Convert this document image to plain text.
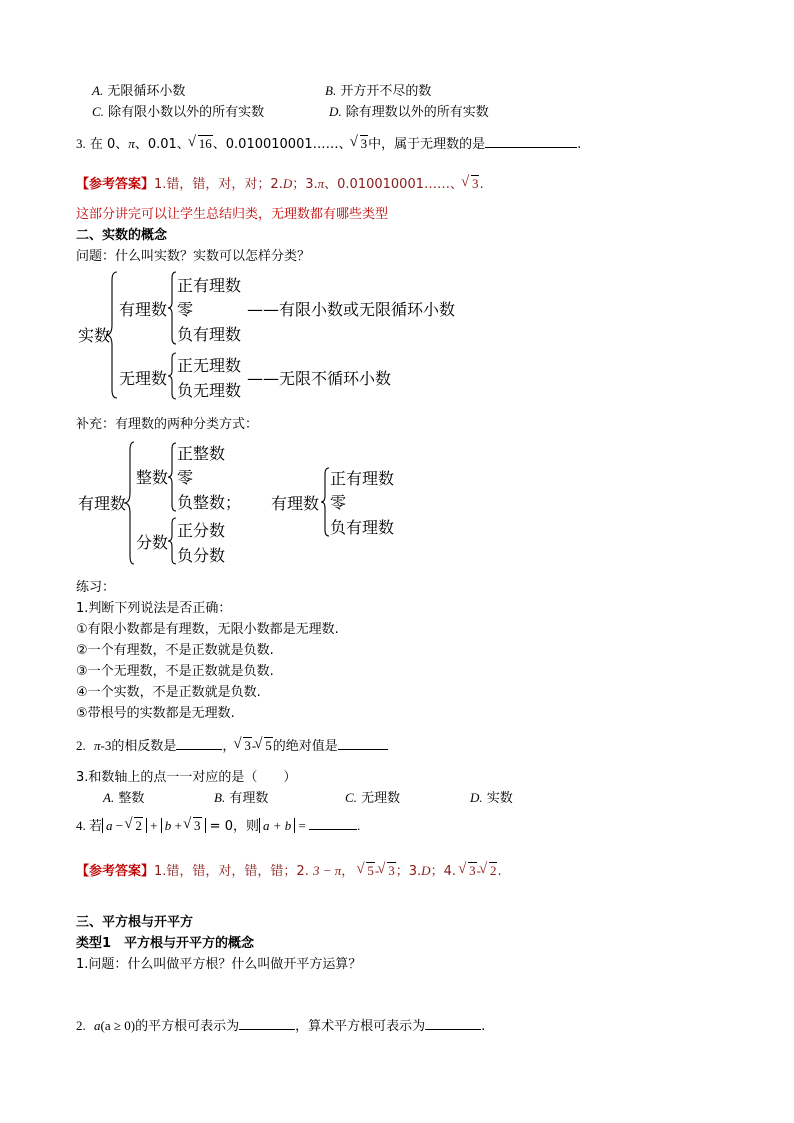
A. 无限循环小数	B. 开方开不尽的数
C. 除有限小数以外的所有实数	D. 除有理数以外的所有实数
3. 在 0、π、0.01、 √ 16、0.010010001……、 √ 3中，属于无理数的是	.
【参考答案】1.错，错，对，对；2.D；3.π、0.010010001……、 √ 3.
这部分讲完可以让学生总结归类，无理数都有哪些类型
二、实数的概念
问题：什么叫实数？实数可以怎样分类？
实数
有理数
正有理数
零
负有理数
——有限小数或无限循环小数
无理数
正无理数
负无理数
——无限不循环小数
补充：有理数的两种分类方式：
有理数
整数
正整数
零
负整数；
分数
正分数
负分数
有理数
正有理数
零
负有理数
练习：
1.判断下列说法是否正确：
①有限小数都是有理数，无限小数都是无理数.
②一个有理数，不是正数就是负数.
③一个无理数，不是正数就是负数.
④一个实数，不是正数就是负数.
⑤带根号的实数都是无理数.
2. π-3的相反数是	， √ 3- √ 5的绝对值是
3.和数轴上的点一一对应的是（　　）
A. 整数	B. 有理数	C. 无理数	D. 实数
4. 若 a − √ 2 + b + √ 3 = 0，则 a + b =	.
【参考答案】1.错，错，对，错，错；2. 3 − π， √ 5- √ 3；3.D；4. √ 3- √ 2.
三、平方根与开平方
类型1　平方根与开平方的概念
1.问题：什么叫做平方根？什么叫做开平方运算？
2. a(a ≥ 0)的平方根可表示为	，算术平方根可表示为	.
